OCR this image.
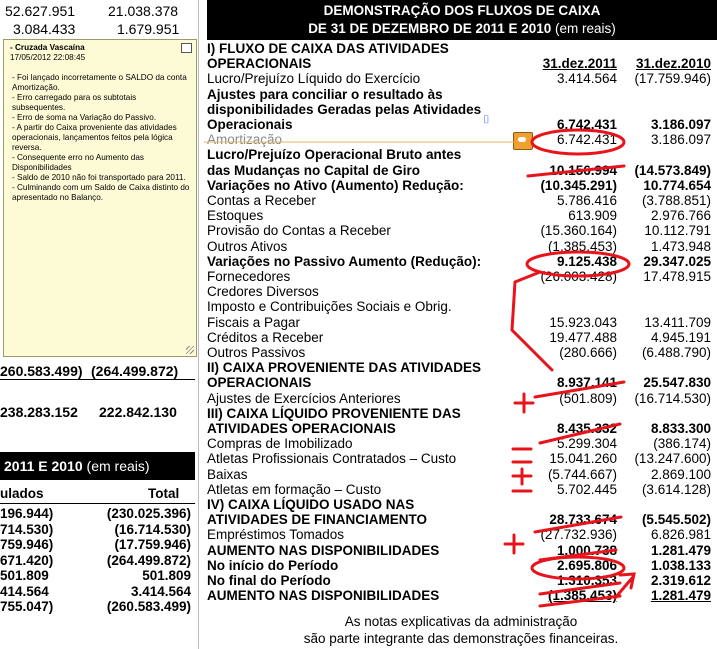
52.627.951 21.038.378
3.084.433	1.679.951
- Cruzada Vascaína
17/05/2012 22:08:45

- Foi lançado incorretamente o SALDO da conta Amortização.

- Erro carregado para os subtotais subsequentes.

- Erro de soma na Variação do Passivo.

- A partir do Caixa proveniente das atividades operacionais, lançamentos feitos pela lógica reversa.

- Consequente erro no Aumento das Disponibilidades

- Saldo de 2010 não foi transportado para 2011.

- Culminando com um Saldo de Caixa distinto do apresentado no Balanço.

260.583.499) (264.499.872)
238.283.152 222.842.130
2011 E 2010 (em reais)
ulados	Total
196.944)	(230.025.396)
714.530)	(16.714.530)
759.946)	(17.759.946)
671.420)	(264.499.872)
501.809	501.809
414.564	3.414.564
755.047)	(260.583.499)
DEMONSTRAÇÃO DOS FLUXOS DE CAIXA
DE 31 DE DEZEMBRO DE 2011 E 2010 (em reais)
I) FLUXO DE CAIXA DAS ATIVIDADES
OPERACIONAIS	31.dez.2011 31.dez.2010
Lucro/Prejuízo Líquido do Exercício	3.414.564 (17.759.946)
Ajustes para conciliar o resultado às
disponibilidades Geradas pelas Atividades
Operacionais	6.742.431	3.186.097
Amortização	6.742.431	3.186.097
Lucro/Prejuízo Operacional Bruto antes
das Mudanças no Capital de Giro	10.156.994 (14.573.849)
Variações no Ativo (Aumento) Redução:	(10.345.291) 10.774.654
Contas a Receber	5.786.416 (3.788.851)
Estoques	613.909	2.976.766
Provisão do Contas a Receber	(15.360.164) 10.112.791
Outros Ativos	(1.385.453)	1.473.948
Variações no Passivo Aumento (Redução):	9.125.438 29.347.025
Fornecedores	(26.003.428) 17.478.915
Credores Diversos
Imposto e Contribuições Sociais e Obrig.
Fiscais a Pagar	15.923.043 13.411.709
Créditos a Receber	19.477.488	4.945.191
Outros Passivos	(280.666) (6.488.790)
II) CAIXA PROVENIENTE DAS ATIVIDADES
OPERACIONAIS	8.937.141 25.547.830
Ajustes de Exercícios Anteriores	(501.809) (16.714.530)
III) CAIXA LÍQUIDO PROVENIENTE DAS
ATIVIDADES OPERACIONAIS	8.435.332	8.833.300
Compras de Imobilizado	5.299.304	(386.174)
Atletas Profissionais Contratados – Custo	15.041.260 (13.247.600)
Baixas	(5.744.667)	2.869.100
Atletas em formação – Custo	5.702.445 (3.614.128)
IV) CAIXA LÍQUIDO USADO NAS
ATIVIDADES DE FINANCIAMENTO	28.733.674 (5.545.502)
Empréstimos Tomados	(27.732.936)	6.826.981
AUMENTO NAS DISPONIBILIDADES	1.000.738	1.281.479
No início do Período	2.695.806	1.038.133
No final do Período	1.310.353	2.319.612
AUMENTO NAS DISPONIBILIDADES	(1.385.453)	1.281.479
⌷
As notas explicativas da administração
são parte integrante das demonstrações financeiras.
